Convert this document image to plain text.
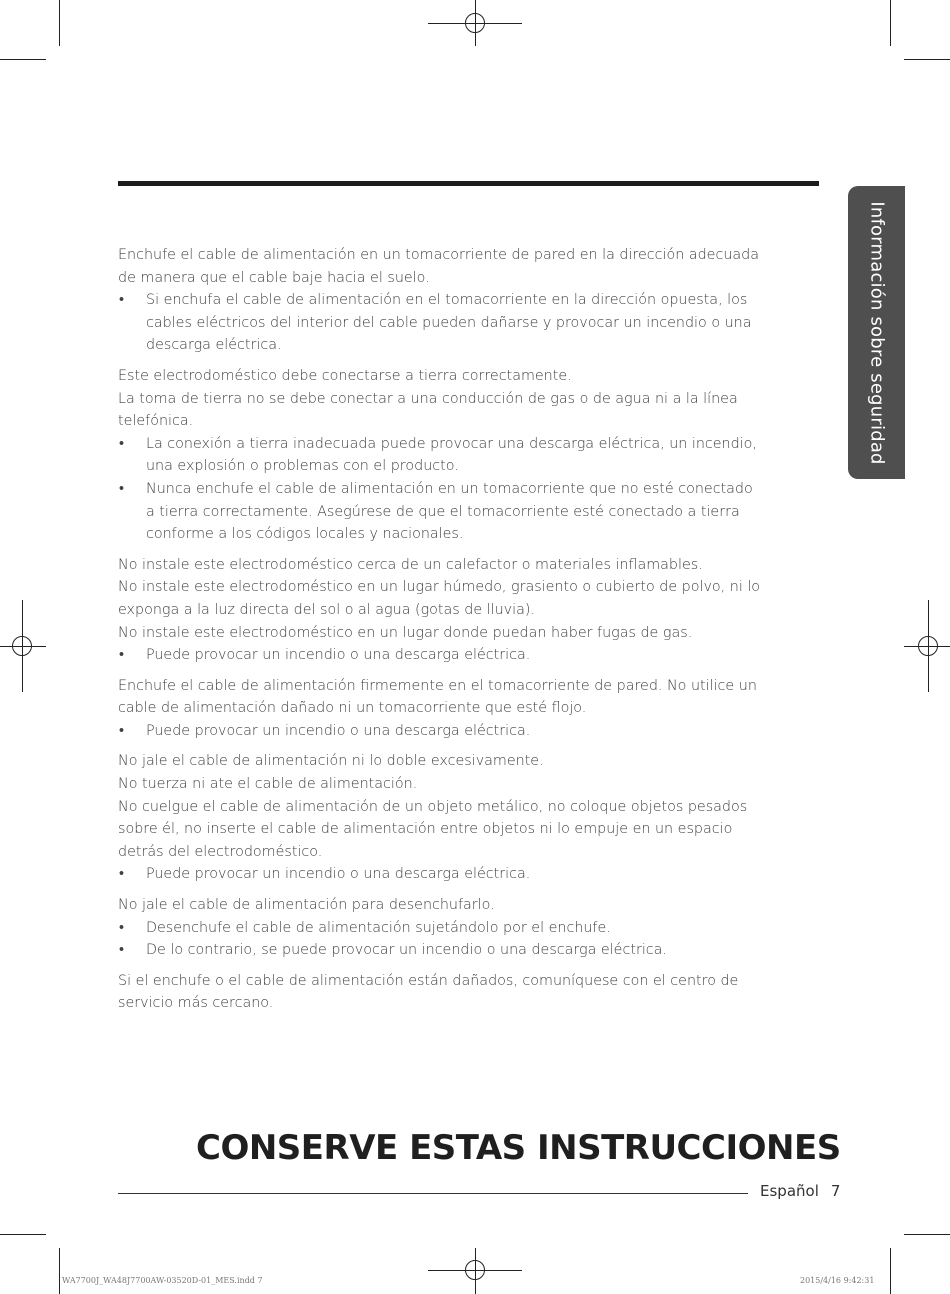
Información sobre seguridad
Enchufe el cable de alimentación en un tomacorriente de pared en la dirección adecuada
de manera que el cable baje hacia el suelo.
• Si enchufa el cable de alimentación en el tomacorriente en la dirección opuesta, los
cables eléctricos del interior del cable pueden dañarse y provocar un incendio o una
descarga eléctrica.
Este electrodoméstico debe conectarse a tierra correctamente.
La toma de tierra no se debe conectar a una conducción de gas o de agua ni a la línea
telefónica.
• La conexión a tierra inadecuada puede provocar una descarga eléctrica, un incendio,
una explosión o problemas con el producto.
• Nunca enchufe el cable de alimentación en un tomacorriente que no esté conectado
a tierra correctamente. Asegúrese de que el tomacorriente esté conectado a tierra
conforme a los códigos locales y nacionales.
No instale este electrodoméstico cerca de un calefactor o materiales inflamables.
No instale este electrodoméstico en un lugar húmedo, grasiento o cubierto de polvo, ni lo
exponga a la luz directa del sol o al agua (gotas de lluvia).
No instale este electrodoméstico en un lugar donde puedan haber fugas de gas.
• Puede provocar un incendio o una descarga eléctrica.
Enchufe el cable de alimentación firmemente en el tomacorriente de pared. No utilice un
cable de alimentación dañado ni un tomacorriente que esté flojo.
• Puede provocar un incendio o una descarga eléctrica.
No jale el cable de alimentación ni lo doble excesivamente.
No tuerza ni ate el cable de alimentación.
No cuelgue el cable de alimentación de un objeto metálico, no coloque objetos pesados
sobre él, no inserte el cable de alimentación entre objetos ni lo empuje en un espacio
detrás del electrodoméstico.
• Puede provocar un incendio o una descarga eléctrica.
No jale el cable de alimentación para desenchufarlo.
• Desenchufe el cable de alimentación sujetándolo por el enchufe.
• De lo contrario, se puede provocar un incendio o una descarga eléctrica.
Si el enchufe o el cable de alimentación están dañados, comuníquese con el centro de
servicio más cercano.
CONSERVE ESTAS INSTRUCCIONES
Español 7
WA7700J_WA48J7700AW-03520D-01_MES.indd 7	2015/4/16 9:42:31
